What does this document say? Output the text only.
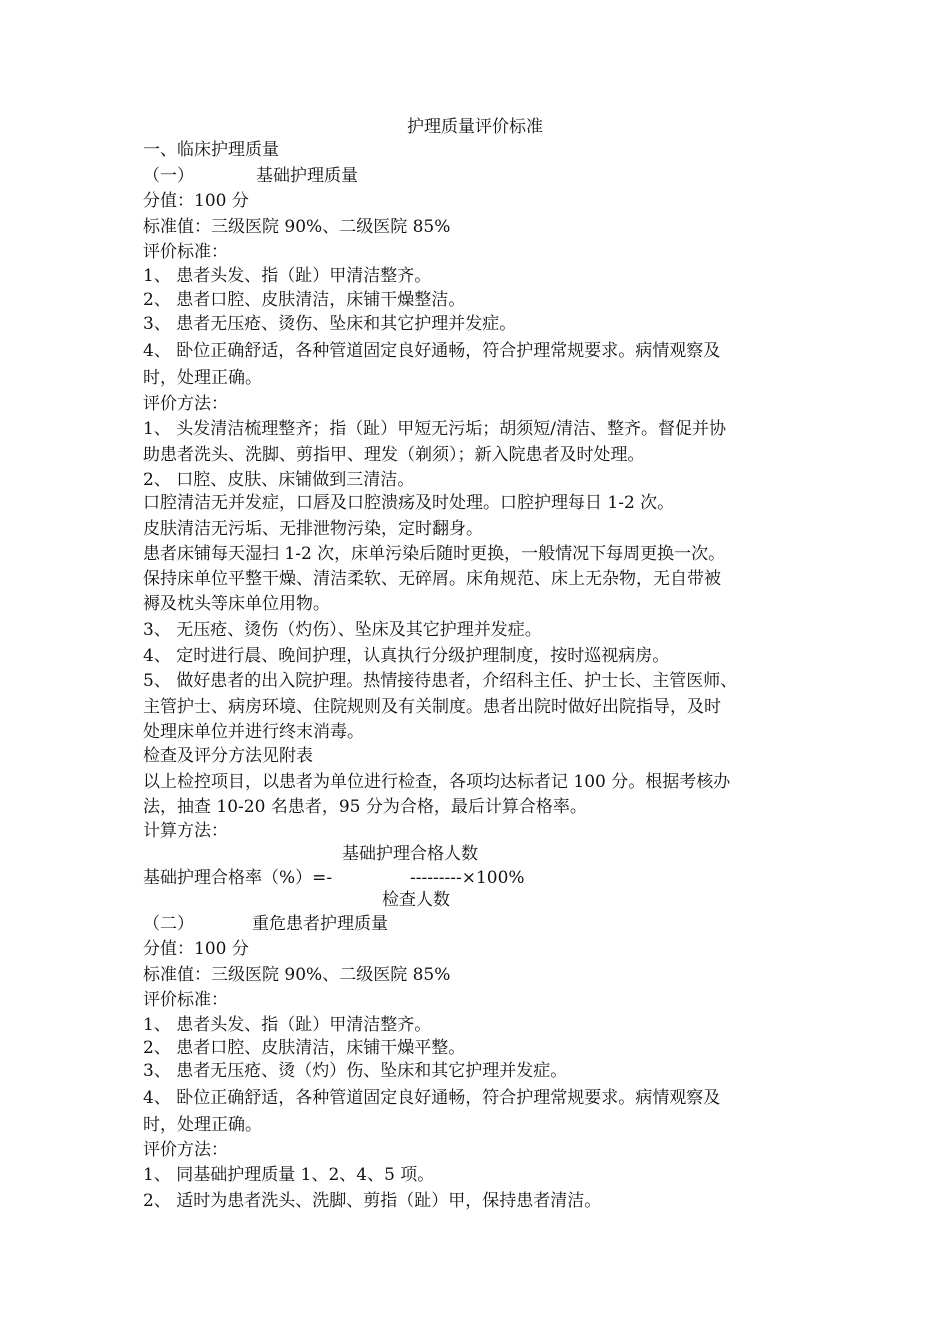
护理质量评价标准
一、临床护理质量
（一）	基础护理质量
分值：100 分
标准值：三级医院 90%、二级医院 85%
评价标准：
1、 患者头发、指（趾）甲清洁整齐。
2、 患者口腔、皮肤清洁，床铺干燥整洁。
3、 患者无压疮、烫伤、坠床和其它护理并发症。
4、 卧位正确舒适，各种管道固定良好通畅，符合护理常规要求。病情观察及
时，处理正确。
评价方法：
1、 头发清洁梳理整齐；指（趾）甲短无污垢；胡须短/清洁、整齐。督促并协
助患者洗头、洗脚、剪指甲、理发（剃须）；新入院患者及时处理。
2、 口腔、皮肤、床铺做到三清洁。
口腔清洁无并发症，口唇及口腔溃疡及时处理。口腔护理每日 1-2 次。
皮肤清洁无污垢、无排泄物污染，定时翻身。
患者床铺每天湿扫 1-2 次，床单污染后随时更换，一般情况下每周更换一次。
保持床单位平整干燥、清洁柔软、无碎屑。床角规范、床上无杂物，无自带被
褥及枕头等床单位用物。
3、 无压疮、烫伤（灼伤）、坠床及其它护理并发症。
4、 定时进行晨、晚间护理，认真执行分级护理制度，按时巡视病房。
5、 做好患者的出入院护理。热情接待患者，介绍科主任、护士长、主管医师、
主管护士、病房环境、住院规则及有关制度。患者出院时做好出院指导，及时
处理床单位并进行终末消毒。
检查及评分方法见附表
以上检控项目，以患者为单位进行检查，各项均达标者记 100 分。根据考核办
法，抽查 10-20 名患者，95 分为合格，最后计算合格率。
计算方法：
基础护理合格人数
基础护理合格率（%）=-	---------×100%
检查人数
（二）	重危患者护理质量
分值：100 分
标准值：三级医院 90%、二级医院 85%
评价标准：
1、 患者头发、指（趾）甲清洁整齐。
2、 患者口腔、皮肤清洁，床铺干燥平整。
3、 患者无压疮、烫（灼）伤、坠床和其它护理并发症。
4、 卧位正确舒适，各种管道固定良好通畅，符合护理常规要求。病情观察及
时，处理正确。
评价方法：
1、 同基础护理质量 1、2、4、5 项。
2、 适时为患者洗头、洗脚、剪指（趾）甲，保持患者清洁。
